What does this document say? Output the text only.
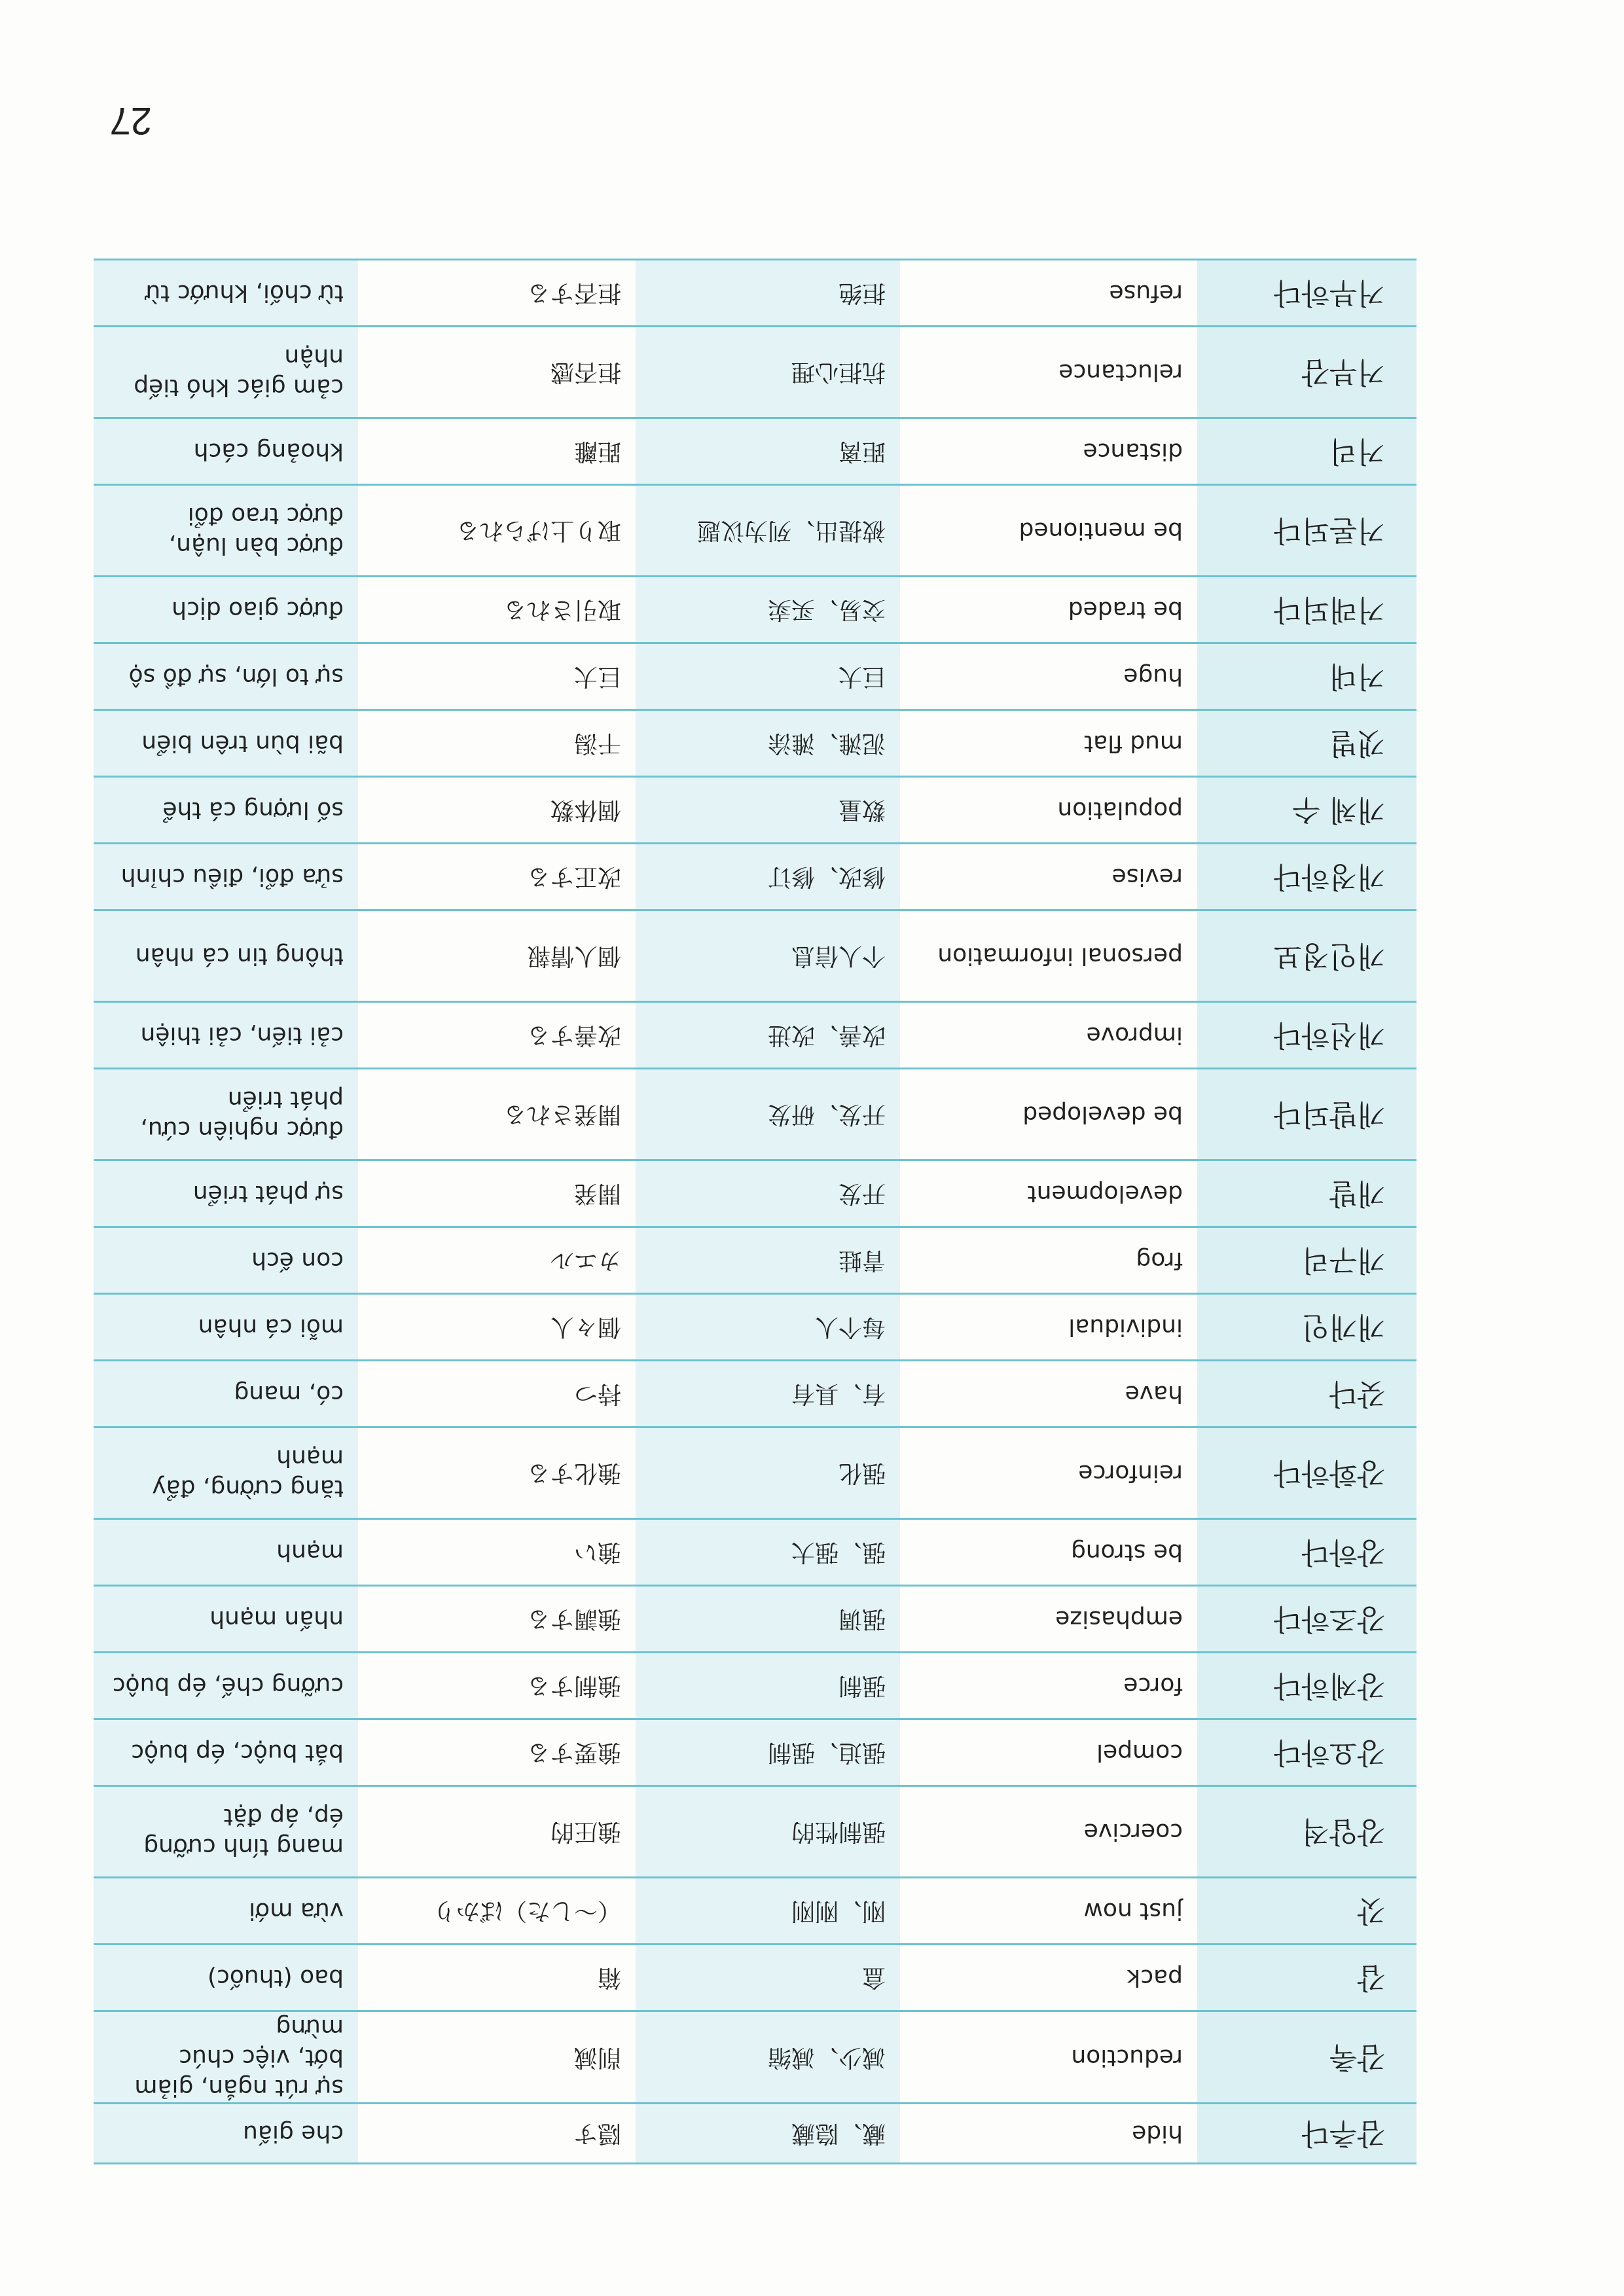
감추다	hide	藏、隐藏	隠す	che giấu
감축	reduction	减少、减缩	削減	sự rút ngắn, giảm bớt, việc chúc mừng
갑	pack	盒	箱	bao (thuốc)
갓	just now	刚、刚刚	（～した）ばかり	vừa mới
강압적	coercive	强制性的	強圧的	mang tính cưỡng ép, áp đặt
강요하다	compel	强迫、强制	強要する	bắt buộc, ép buộc
강제하다	force	强制	強制する	cưỡng chế, ép buộc
강조하다	emphasize	强调	強調する	nhấn mạnh
강하다	be strong	强、强大	強い	mạnh
강화하다	reinforce	强化	強化する	tăng cường, đẩy mạnh
갖다	have	有、具有	持つ	có, mang
개개인	individual	每个人	個々人	mỗi cá nhân
개구리	frog	青蛙	カエル	con ếch
개발	development	开发	開発	sự phát triển
개발되다	be developed	开发、研发	開発される	được nghiên cứu, phát triển
개선하다	improve	改善、改进	改善する	cải tiến, cải thiện
개인정보	personal information	个人信息	個人情報	thông tin cá nhân
개정하다	revise	修改、修订	改正する	sửa đổi, điều chỉnh
개체 수	population	数量	個体数	số lượng cá thể
갯벌	mud flat	泥滩、滩涂	干潟	bãi bùn trên biển
거대	huge	巨大	巨大	sự to lớn, sự đồ sộ
거래되다	be traded	交易、买卖	取引される	được giao dịch
거론되다	be mentioned	被提出、列为议题	取り上げられる	được bàn luận, được trao đổi
거리	distance	距离	距離	khoảng cách
거부감	reluctance	抗拒心理	拒否感	cảm giác khó tiếp nhận
거부하다	refuse	拒绝	拒否する	từ chối, khước từ
27
